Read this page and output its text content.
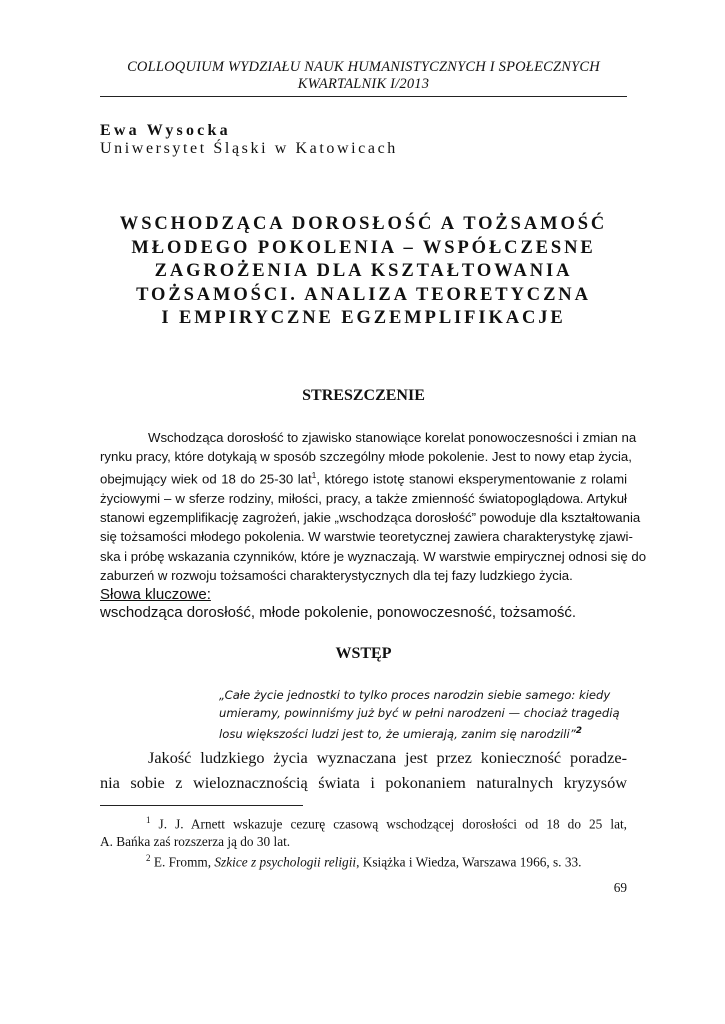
COLLOQUIUM WYDZIAŁU NAUK HUMANISTYCZNYCH I SPOŁECZNYCH
KWARTALNIK I/2013
Ewa Wysocka
Uniwersytet Śląski w Katowicach
WSCHODZĄCA DOROSŁOŚĆ A TOŻSAMOŚĆ
MŁODEGO POKOLENIA – WSPÓŁCZESNE
ZAGROŻENIA DLA KSZTAŁTOWANIA
TOŻSAMOŚCI. ANALIZA TEORETYCZNA
I EMPIRYCZNE EGZEMPLIFIKACJE
STRESZCZENIE
Wschodząca dorosłość to zjawisko stanowiące korelat ponowoczesności i zmian na
rynku pracy, które dotykają w sposób szczególny młode pokolenie. Jest to nowy etap życia,
obejmujący wiek od 18 do 25-30 lat$^1$, którego istotę stanowi eksperymentowanie z rolami
życiowymi – w sferze rodziny, miłości, pracy, a także zmienność światopoglądowa. Artykuł
stanowi egzemplifikację zagrożeń, jakie „wschodząca dorosłość” powoduje dla kształtowania
się tożsamości młodego pokolenia. W warstwie teoretycznej zawiera charakterystykę zjawi-
ska i próbę wskazania czynników, które je wyznaczają. W warstwie empirycznej odnosi się do
zaburzeń w rozwoju tożsamości charakterystycznych dla tej fazy ludzkiego życia.
Słowa kluczowe:
wschodząca dorosłość, młode pokolenie, ponowoczesność, tożsamość.
WSTĘP
„Całe życie jednostki to tylko proces narodzin siebie samego: kiedy
umieramy, powinniśmy już być w pełni narodzeni — chociaż tragedią
losu większości ludzi jest to, że umierają, zanim się narodzili”$^2$
Jakość ludzkiego życia wyznaczana jest przez konieczność poradze-
nia sobie z wieloznacznością świata i pokonaniem naturalnych kryzysów
$^1$ J. J. Arnett wskazuje cezurę czasową wschodzącej dorosłości od 18 do 25 lat,
A. Bańka zaś rozszerza ją do 30 lat.
$^2$ E. Fromm, Szkice z psychologii religii, Książka i Wiedza, Warszawa 1966, s. 33.
69
